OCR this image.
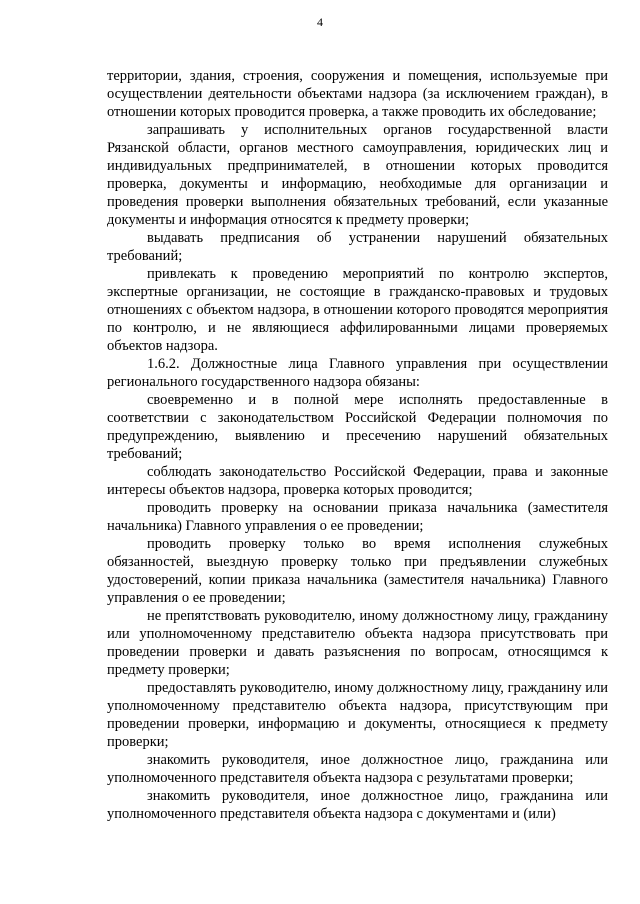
4

территории, здания, строения, сооружения и помещения, используемые при осуществлении деятельности объектами надзора (за исключением граждан), в отношении которых проводится проверка, а также проводить их обследование;

запрашивать у исполнительных органов государственной власти Рязанской области, органов местного самоуправления, юридических лиц и индивидуальных предпринимателей, в отношении которых проводится проверка, документы и информацию, необходимые для организации и проведения проверки выполнения обязательных требований, если указанные документы и информация относятся к предмету проверки;

выдавать предписания об устранении нарушений обязательных требований;

привлекать к проведению мероприятий по контролю экспертов, экспертные организации, не состоящие в гражданско-правовых и трудовых отношениях с объектом надзора, в отношении которого проводятся мероприятия по контролю, и не являющиеся аффилированными лицами проверяемых объектов надзора.

1.6.2. Должностные лица Главного управления при осуществлении регионального государственного надзора обязаны:

своевременно и в полной мере исполнять предоставленные в соответствии с законодательством Российской Федерации полномочия по предупреждению, выявлению и пресечению нарушений обязательных требований;

соблюдать законодательство Российской Федерации, права и законные интересы объектов надзора, проверка которых проводится;

проводить проверку на основании приказа начальника (заместителя начальника) Главного управления о ее проведении;

проводить проверку только во время исполнения служебных обязанностей, выездную проверку только при предъявлении служебных удостоверений, копии приказа начальника (заместителя начальника) Главного управления о ее проведении;

не препятствовать руководителю, иному должностному лицу, гражданину или уполномоченному представителю объекта надзора присутствовать при проведении проверки и давать разъяснения по вопросам, относящимся к предмету проверки;

предоставлять руководителю, иному должностному лицу, гражданину или уполномоченному представителю объекта надзора, присутствующим при проведении проверки, информацию и документы, относящиеся к предмету проверки;

знакомить руководителя, иное должностное лицо, гражданина или уполномоченного представителя объекта надзора с результатами проверки;

знакомить руководителя, иное должностное лицо, гражданина или уполномоченного представителя объекта надзора с документами и (или)
